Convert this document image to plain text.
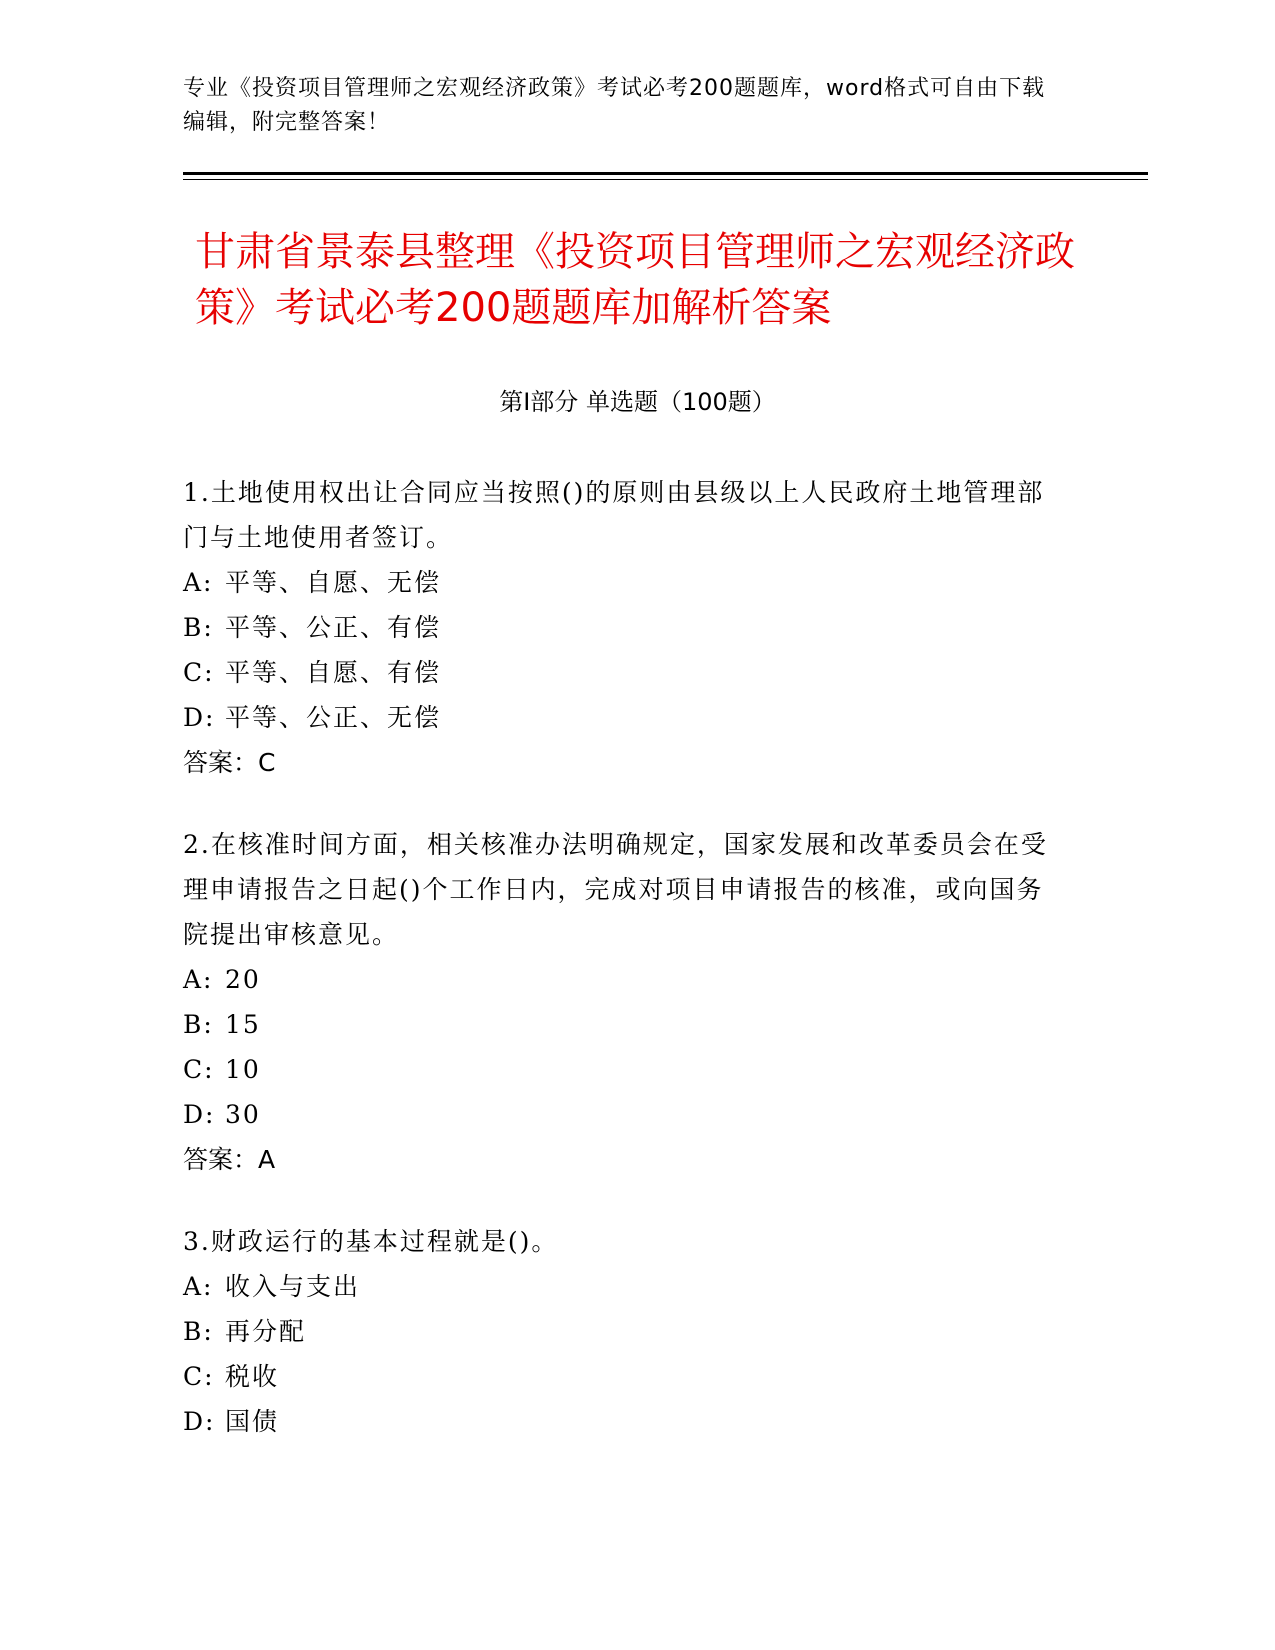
专业《投资项目管理师之宏观经济政策》考试必考200题题库，word格式可自由下载编辑，附完整答案！
甘肃省景泰县整理《投资项目管理师之宏观经济政策》考试必考200题题库加解析答案
第Ⅰ部分 单选题（100题）
1.土地使用权出让合同应当按照()的原则由县级以上人民政府土地管理部门与土地使用者签订。
A: 平等、自愿、无偿
B: 平等、公正、有偿
C: 平等、自愿、有偿
D: 平等、公正、无偿
答案：C
2.在核准时间方面，相关核准办法明确规定，国家发展和改革委员会在受理申请报告之日起()个工作日内，完成对项目申请报告的核准，或向国务院提出审核意见。
A: 20
B: 15
C: 10
D: 30
答案：A
3.财政运行的基本过程就是()。
A: 收入与支出
B: 再分配
C: 税收
D: 国债
